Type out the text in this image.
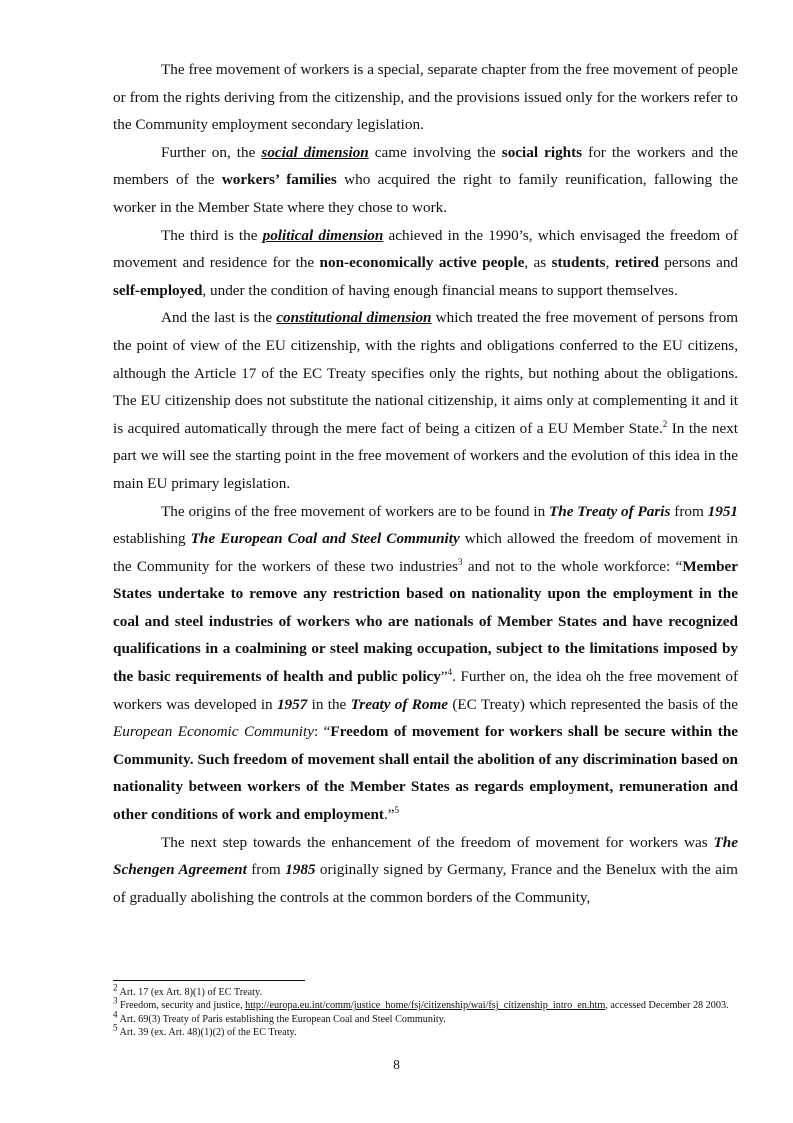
The free movement of workers is a special, separate chapter from the free movement of people or from the rights deriving from the citizenship, and the provisions issued only for the workers refer to the Community employment secondary legislation.

Further on, the social dimension came involving the social rights for the workers and the members of the workers’ families who acquired the right to family reunification, fallowing the worker in the Member State where they chose to work.

The third is the political dimension achieved in the 1990’s, which envisaged the freedom of movement and residence for the non-economically active people, as students, retired persons and self-employed, under the condition of having enough financial means to support themselves.

And the last is the constitutional dimension which treated the free movement of persons from the point of view of the EU citizenship, with the rights and obligations conferred to the EU citizens, although the Article 17 of the EC Treaty specifies only the rights, but nothing about the obligations. The EU citizenship does not substitute the national citizenship, it aims only at complementing it and it is acquired automatically through the mere fact of being a citizen of a EU Member State.$^2$ In the next part we will see the starting point in the free movement of workers and the evolution of this idea in the main EU primary legislation.

The origins of the free movement of workers are to be found in The Treaty of Paris from 1951 establishing The European Coal and Steel Community which allowed the freedom of movement in the Community for the workers of these two industries$^3$ and not to the whole workforce: “Member States undertake to remove any restriction based on nationality upon the employment in the coal and steel industries of workers who are nationals of Member States and have recognized qualifications in a coalmining or steel making occupation, subject to the limitations imposed by the basic requirements of health and public policy”$^4$. Further on, the idea oh the free movement of workers was developed in 1957 in the Treaty of Rome (EC Treaty) which represented the basis of the European Economic Community: “Freedom of movement for workers shall be secure within the Community. Such freedom of movement shall entail the abolition of any discrimination based on nationality between workers of the Member States as regards employment, remuneration and other conditions of work and employment.”$^5$

The next step towards the enhancement of the freedom of movement for workers was The Schengen Agreement from 1985 originally signed by Germany, France and the Benelux with the aim of gradually abolishing the controls at the common borders of the Community,

$^2$ Art. 17 (ex Art. 8)(1) of EC Treaty.
$^3$ Freedom, security and justice, http://europa.eu.int/comm/justice_home/fsj/citizenship/wai/fsj_citizenship_intro_en.htm, accessed December 28 2003.
$^4$ Art. 69(3) Treaty of Paris establishing the European Coal and Steel Community.
$^5$ Art. 39 (ex. Art. 48)(1)(2) of the EC Treaty.
8
